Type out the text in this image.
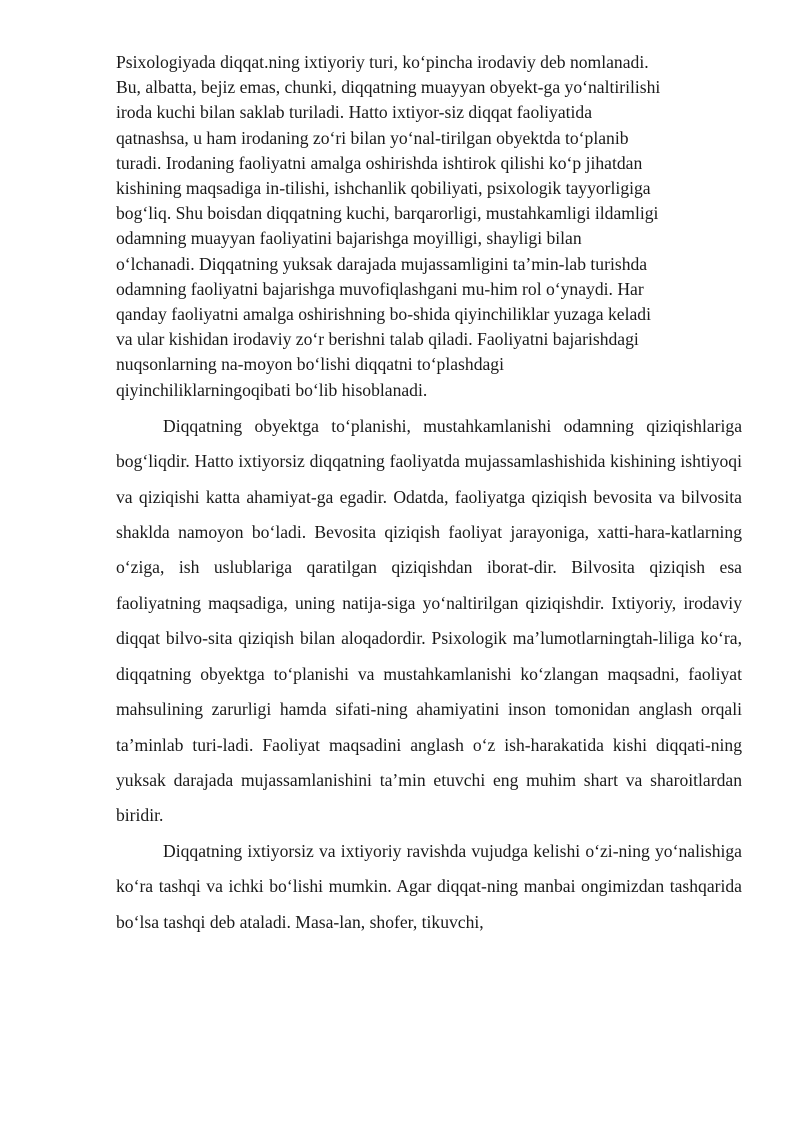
Psixologiyada diqqat.ning ixtiyoriy turi, koʻpincha irodaviy deb nomlanadi.
Bu, albatta, bejiz emas, chunki, diqqatning muayyan obyekt-ga yoʻnaltirilishi
iroda kuchi bilan saklab turiladi. Hatto ixtiyor-siz diqqat faoliyatida
qatnashsa, u ham irodaning zoʻri bilan yoʻnal-tirilgan obyektda toʻplanib
turadi. Irodaning faoliyatni amalga oshirishda ishtirok qilishi koʻp jihatdan
kishining maqsadiga in-tilishi, ishchanlik qobiliyati, psixologik tayyorligiga
bogʻliq. Shu boisdan diqqatning kuchi, barqarorligi, mustahkamligi ildamligi
odamning muayyan faoliyatini bajarishga moyilligi, shayligi bilan
oʻlchanadi. Diqqatning yuksak darajada mujassamligini taʼmin-lab turishda
odamning faoliyatni bajarishga muvofiqlashgani mu-him rol oʻynaydi. Har
qanday faoliyatni amalga oshirishning bo-shida qiyinchiliklar yuzaga keladi
va ular kishidan irodaviy zoʻr berishni talab qiladi. Faoliyatni bajarishdagi
nuqsonlarning na-moyon boʻlishi diqqatni toʻplashdagi
qiyinchiliklarningoqibati boʻlib hisoblanadi.

Diqqatning obyektga toʻplanishi, mustahkamlanishi odamning qiziqishlariga bogʻliqdir. Hatto ixtiyorsiz diqqatning faoliyatda mujassamlashishida kishining ishtiyoqi va qiziqishi katta ahamiyat-ga egadir. Odatda, faoliyatga qiziqish bevosita va bilvosita shaklda namoyon boʻladi. Bevosita qiziqish faoliyat jarayoniga, xatti-hara-katlarning oʻziga, ish uslublariga qaratilgan qiziqishdan iborat-dir. Bilvosita qiziqish esa faoliyatning maqsadiga, uning natija-siga yoʻnaltirilgan qiziqishdir. Ixtiyoriy, irodaviy diqqat bilvo-sita qiziqish bilan aloqadordir. Psixologik maʼlumotlarningtah-liliga koʻra, diqqatning obyektga toʻplanishi va mustahkamlanishi koʻzlangan maqsadni, faoliyat mahsulining zarurligi hamda sifati-ning ahamiyatini inson tomonidan anglash orqali taʼminlab turi-ladi. Faoliyat maqsadini anglash oʻz ish-harakatida kishi diqqati-ning yuksak darajada mujassamlanishini taʼmin etuvchi eng muhim shart va sharoitlardan biridir.

Diqqatning ixtiyorsiz va ixtiyoriy ravishda vujudga kelishi oʻzi-ning yoʻnalishiga koʻra tashqi va ichki boʻlishi mumkin. Agar diqqat-ning manbai ongimizdan tashqarida boʻlsa tashqi deb ataladi. Masa-lan, shofer, tikuvchi,
